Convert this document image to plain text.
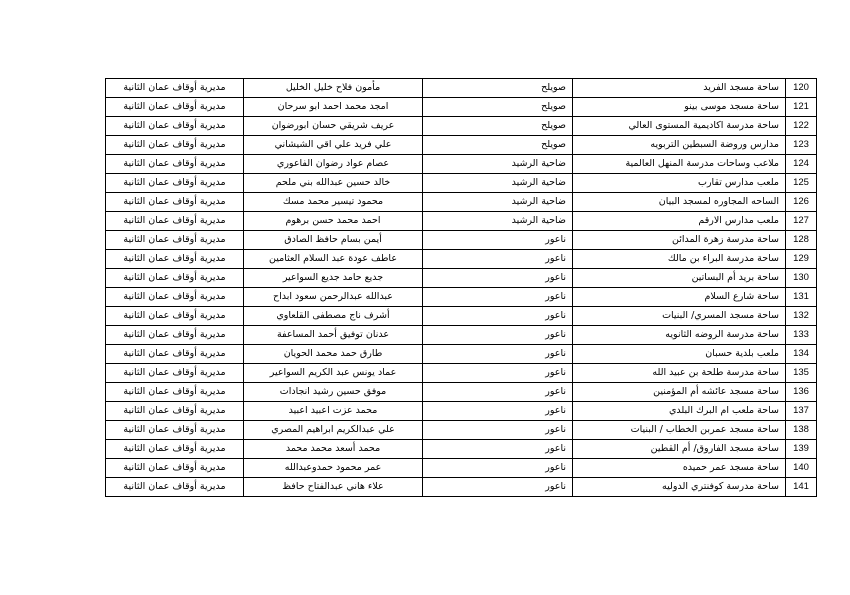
120	ساحة مسجد الفريد	صويلح	مأمون فلاح خليل الخليل	مديرية أوقاف عمان الثانية
121	ساحة مسجد موسى بينو	صويلح	امجد محمد احمد ابو سرحان	مديرية أوقاف عمان الثانية
122	ساحة مدرسة اكاديمية المستوى العالي	صويلح	عريف شريقي حسان ابورضوان	مديرية أوقاف عمان الثانية
123	مدارس وروضة السبطين التربويه	صويلح	علي فريد علي اقي الشيشاني	مديرية أوقاف عمان الثانية
124	ملاعب وساحات مدرسة المنهل العالمية	ضاحية الرشيد	عصام عواد رضوان الفاعوري	مديرية أوقاف عمان الثانية
125	ملعب مدارس تقارب	ضاحية الرشيد	خالد حسين عبدالله بني ملحم	مديرية أوقاف عمان الثانية
126	الساحه المجاوره لمسجد البيان	ضاحية الرشيد	محمود تيسير محمد مسك	مديرية أوقاف عمان الثانية
127	ملعب مدارس الارقم	ضاحية الرشيد	احمد محمد حسن برهوم	مديرية أوقاف عمان الثانية
128	ساحة مدرسة زهرة المدائن	ناعور	أيمن بسام حافظ الصادق	مديرية أوقاف عمان الثانية
129	ساحة مدرسة البراء بن مالك	ناعور	عاطف عودة عبد السلام العثامين	مديرية أوقاف عمان الثانية
130	ساحة بريد أم البساتين	ناعور	جديع حامد جديع السواعير	مديرية أوقاف عمان الثانية
131	ساحة شارع السلام	ناعور	عبدالله عبدالرحمن سعود ابداح	مديرية أوقاف عمان الثانية
132	ساحة مسجد المسري/ البنيات	ناعور	أشرف ناج مصطفى القلعاوي	مديرية أوقاف عمان الثانية
133	ساحة مدرسة الروضه الثانويه	ناعور	عدنان توفيق أحمد المساعفة	مديرية أوقاف عمان الثانية
134	ملعب بلدية حسبان	ناعور	طارق حمد محمد الحويان	مديرية أوقاف عمان الثانية
135	ساحة مدرسة طلحة بن عبيد الله	ناعور	عماد يونس عبد الكريم السواعير	مديرية أوقاف عمان الثانية
136	ساحة مسجد عائشه أم المؤمنين	ناعور	موفق حسين رشيد انجادات	مديرية أوقاف عمان الثانية
137	ساحة ملعب ام البرك البلدي	ناعور	محمد عزت اعبيد اعبيد	مديرية أوقاف عمان الثانية
138	ساحة مسجد عمربن الخطاب / البنيات	ناعور	علي عبدالكريم ابراهيم المصري	مديرية أوقاف عمان الثانية
139	ساحة مسجد الفاروق/ أم القطين	ناعور	محمد أسعد محمد محمد	مديرية أوقاف عمان الثانية
140	ساحة مسجد عمر حميده	ناعور	عمر محمود حمدوعبدالله	مديرية أوقاف عمان الثانية
141	ساحة مدرسة كوفنتري الدوليه	ناعور	علاء هاني عبدالفتاح حافظ	مديرية أوقاف عمان الثانية
